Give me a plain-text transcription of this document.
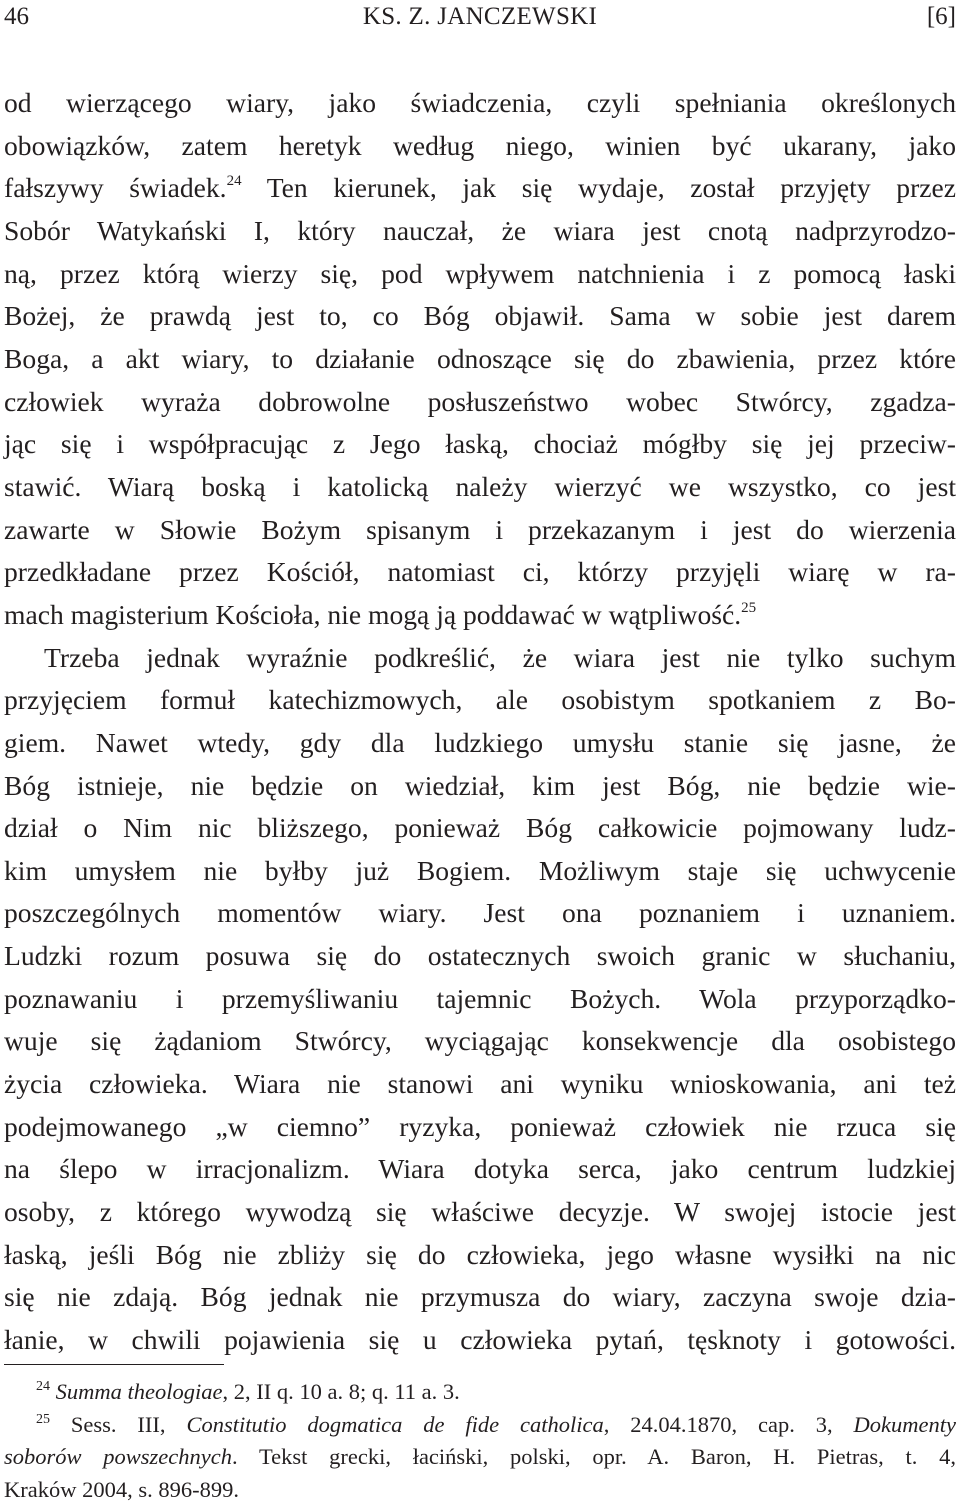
46	KS. Z. JANCZEWSKI	[6]
od wierzącego wiary, jako świadczenia, czyli spełniania określonych
obowiązków, zatem heretyk według niego, winien być ukarany, jako
fałszywy świadek.$^{24}$ Ten kierunek, jak się wydaje, został przyjęty przez
Sobór Watykański I, który nauczał, że wiara jest cnotą nadprzyrodzo-
ną, przez którą wierzy się, pod wpływem natchnienia i z pomocą łaski
Bożej, że prawdą jest to, co Bóg objawił. Sama w sobie jest darem
Boga, a akt wiary, to działanie odnoszące się do zbawienia, przez które
człowiek wyraża dobrowolne posłuszeństwo wobec Stwórcy, zgadza-
jąc się i współpracując z Jego łaską, chociaż mógłby się jej przeciw-
stawić. Wiarą boską i katolicką należy wierzyć we wszystko, co jest
zawarte w Słowie Bożym spisanym i przekazanym i jest do wierzenia
przedkładane przez Kościół, natomiast ci, którzy przyjęli wiarę w ra-
mach magisterium Kościoła, nie mogą ją poddawać w wątpliwość.$^{25}$
Trzeba jednak wyraźnie podkreślić, że wiara jest nie tylko suchym
przyjęciem formuł katechizmowych, ale osobistym spotkaniem z Bo-
giem. Nawet wtedy, gdy dla ludzkiego umysłu stanie się jasne, że
Bóg istnieje, nie będzie on wiedział, kim jest Bóg, nie będzie wie-
dział o Nim nic bliższego, ponieważ Bóg całkowicie pojmowany ludz-
kim umysłem nie byłby już Bogiem. Możliwym staje się uchwycenie
poszczególnych momentów wiary. Jest ona poznaniem i uznaniem.
Ludzki rozum posuwa się do ostatecznych swoich granic w słuchaniu,
poznawaniu i przemyśliwaniu tajemnic Bożych. Wola przyporządko-
wuje się żądaniom Stwórcy, wyciągając konsekwencje dla osobistego
życia człowieka. Wiara nie stanowi ani wyniku wnioskowania, ani też
podejmowanego „w ciemno” ryzyka, ponieważ człowiek nie rzuca się
na ślepo w irracjonalizm. Wiara dotyka serca, jako centrum ludzkiej
osoby, z którego wywodzą się właściwe decyzje. W swojej istocie jest
łaską, jeśli Bóg nie zbliży się do człowieka, jego własne wysiłki na nic
się nie zdają. Bóg jednak nie przymusza do wiary, zaczyna swoje dzia-
łanie, w chwili pojawienia się u człowieka pytań, tęsknoty i gotowości.
$^{24}$ Summa theologiae, 2, II q. 10 a. 8; q. 11 a. 3.
$^{25}$ Sess. III, Constitutio dogmatica de fide catholica, 24.04.1870, cap. 3, Dokumenty
soborów powszechnych. Tekst grecki, łaciński, polski, opr. A. Baron, H. Pietras, t. 4,
Kraków 2004, s. 896-899.
